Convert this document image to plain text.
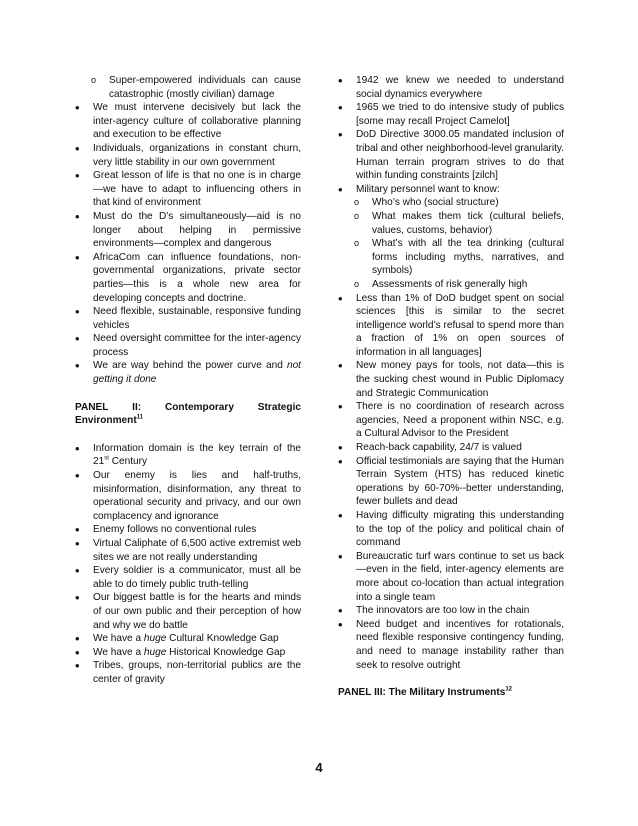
o Super-empowered individuals can cause catastrophic (mostly civilian) damage
• We must intervene decisively but lack the inter-agency culture of collaborative planning and execution to be effective
• Individuals, organizations in constant churn, very little stability in our own government
• Great lesson of life is that no one is in charge—we have to adapt to influencing others in that kind of environment
• Must do the D’s simultaneously—aid is no longer about helping in permissive environments—complex and dangerous
• AfricaCom can influence foundations, non-governmental organizations, private sector parties—this is a whole new area for developing concepts and doctrine.
• Need flexible, sustainable, responsive funding vehicles
• Need oversight committee for the inter-agency process
• We are way behind the power curve and not getting it done
PANEL II: Contemporary Strategic Environment$^{11}$
• Information domain is the key terrain of the 21st Century
• Our enemy is lies and half-truths, misinformation, disinformation, any threat to operational security and privacy, and our own complacency and ignorance
• Enemy follows no conventional rules
• Virtual Caliphate of 6,500 active extremist web sites we are not really understanding
• Every soldier is a communicator, must all be able to do timely public truth-telling
• Our biggest battle is for the hearts and minds of our own public and their perception of how and why we do battle
• We have a huge Cultural Knowledge Gap
• We have a huge Historical Knowledge Gap
• Tribes, groups, non-territorial publics are the center of gravity
• 1942 we knew we needed to understand social dynamics everywhere
• 1965 we tried to do intensive study of publics [some may recall Project Camelot]
• DoD Directive 3000.05 mandated inclusion of tribal and other neighborhood-level granularity. Human terrain program strives to do that within funding constraints [zilch]
• Military personnel want to know:
o Who’s who (social structure)
o What makes them tick (cultural beliefs, values, customs, behavior)
o What’s with all the tea drinking (cultural forms including myths, narratives, and symbols)
o Assessments of risk generally high
• Less than 1% of DoD budget spent on social sciences [this is similar to the secret intelligence world’s refusal to spend more than a fraction of 1% on open sources of information in all languages]
• New money pays for tools, not data—this is the sucking chest wound in Public Diplomacy and Strategic Communication
• There is no coordination of research across agencies, Need a proponent within NSC, e.g. a Cultural Advisor to the President
• Reach-back capability, 24/7 is valued
• Official testimonials are saying that the Human Terrain System (HTS) has reduced kinetic operations by 60-70%--better understanding, fewer bullets and dead
• Having difficulty migrating this understanding to the top of the policy and political chain of command
• Bureaucratic turf wars continue to set us back—even in the field, inter-agency elements are more about co-location than actual integration into a single team
• The innovators are too low in the chain
• Need budget and incentives for rotationals, need flexible responsive contingency funding, and need to manage instability rather than seek to resolve outright
PANEL III: The Military Instruments$^{12}$
4
